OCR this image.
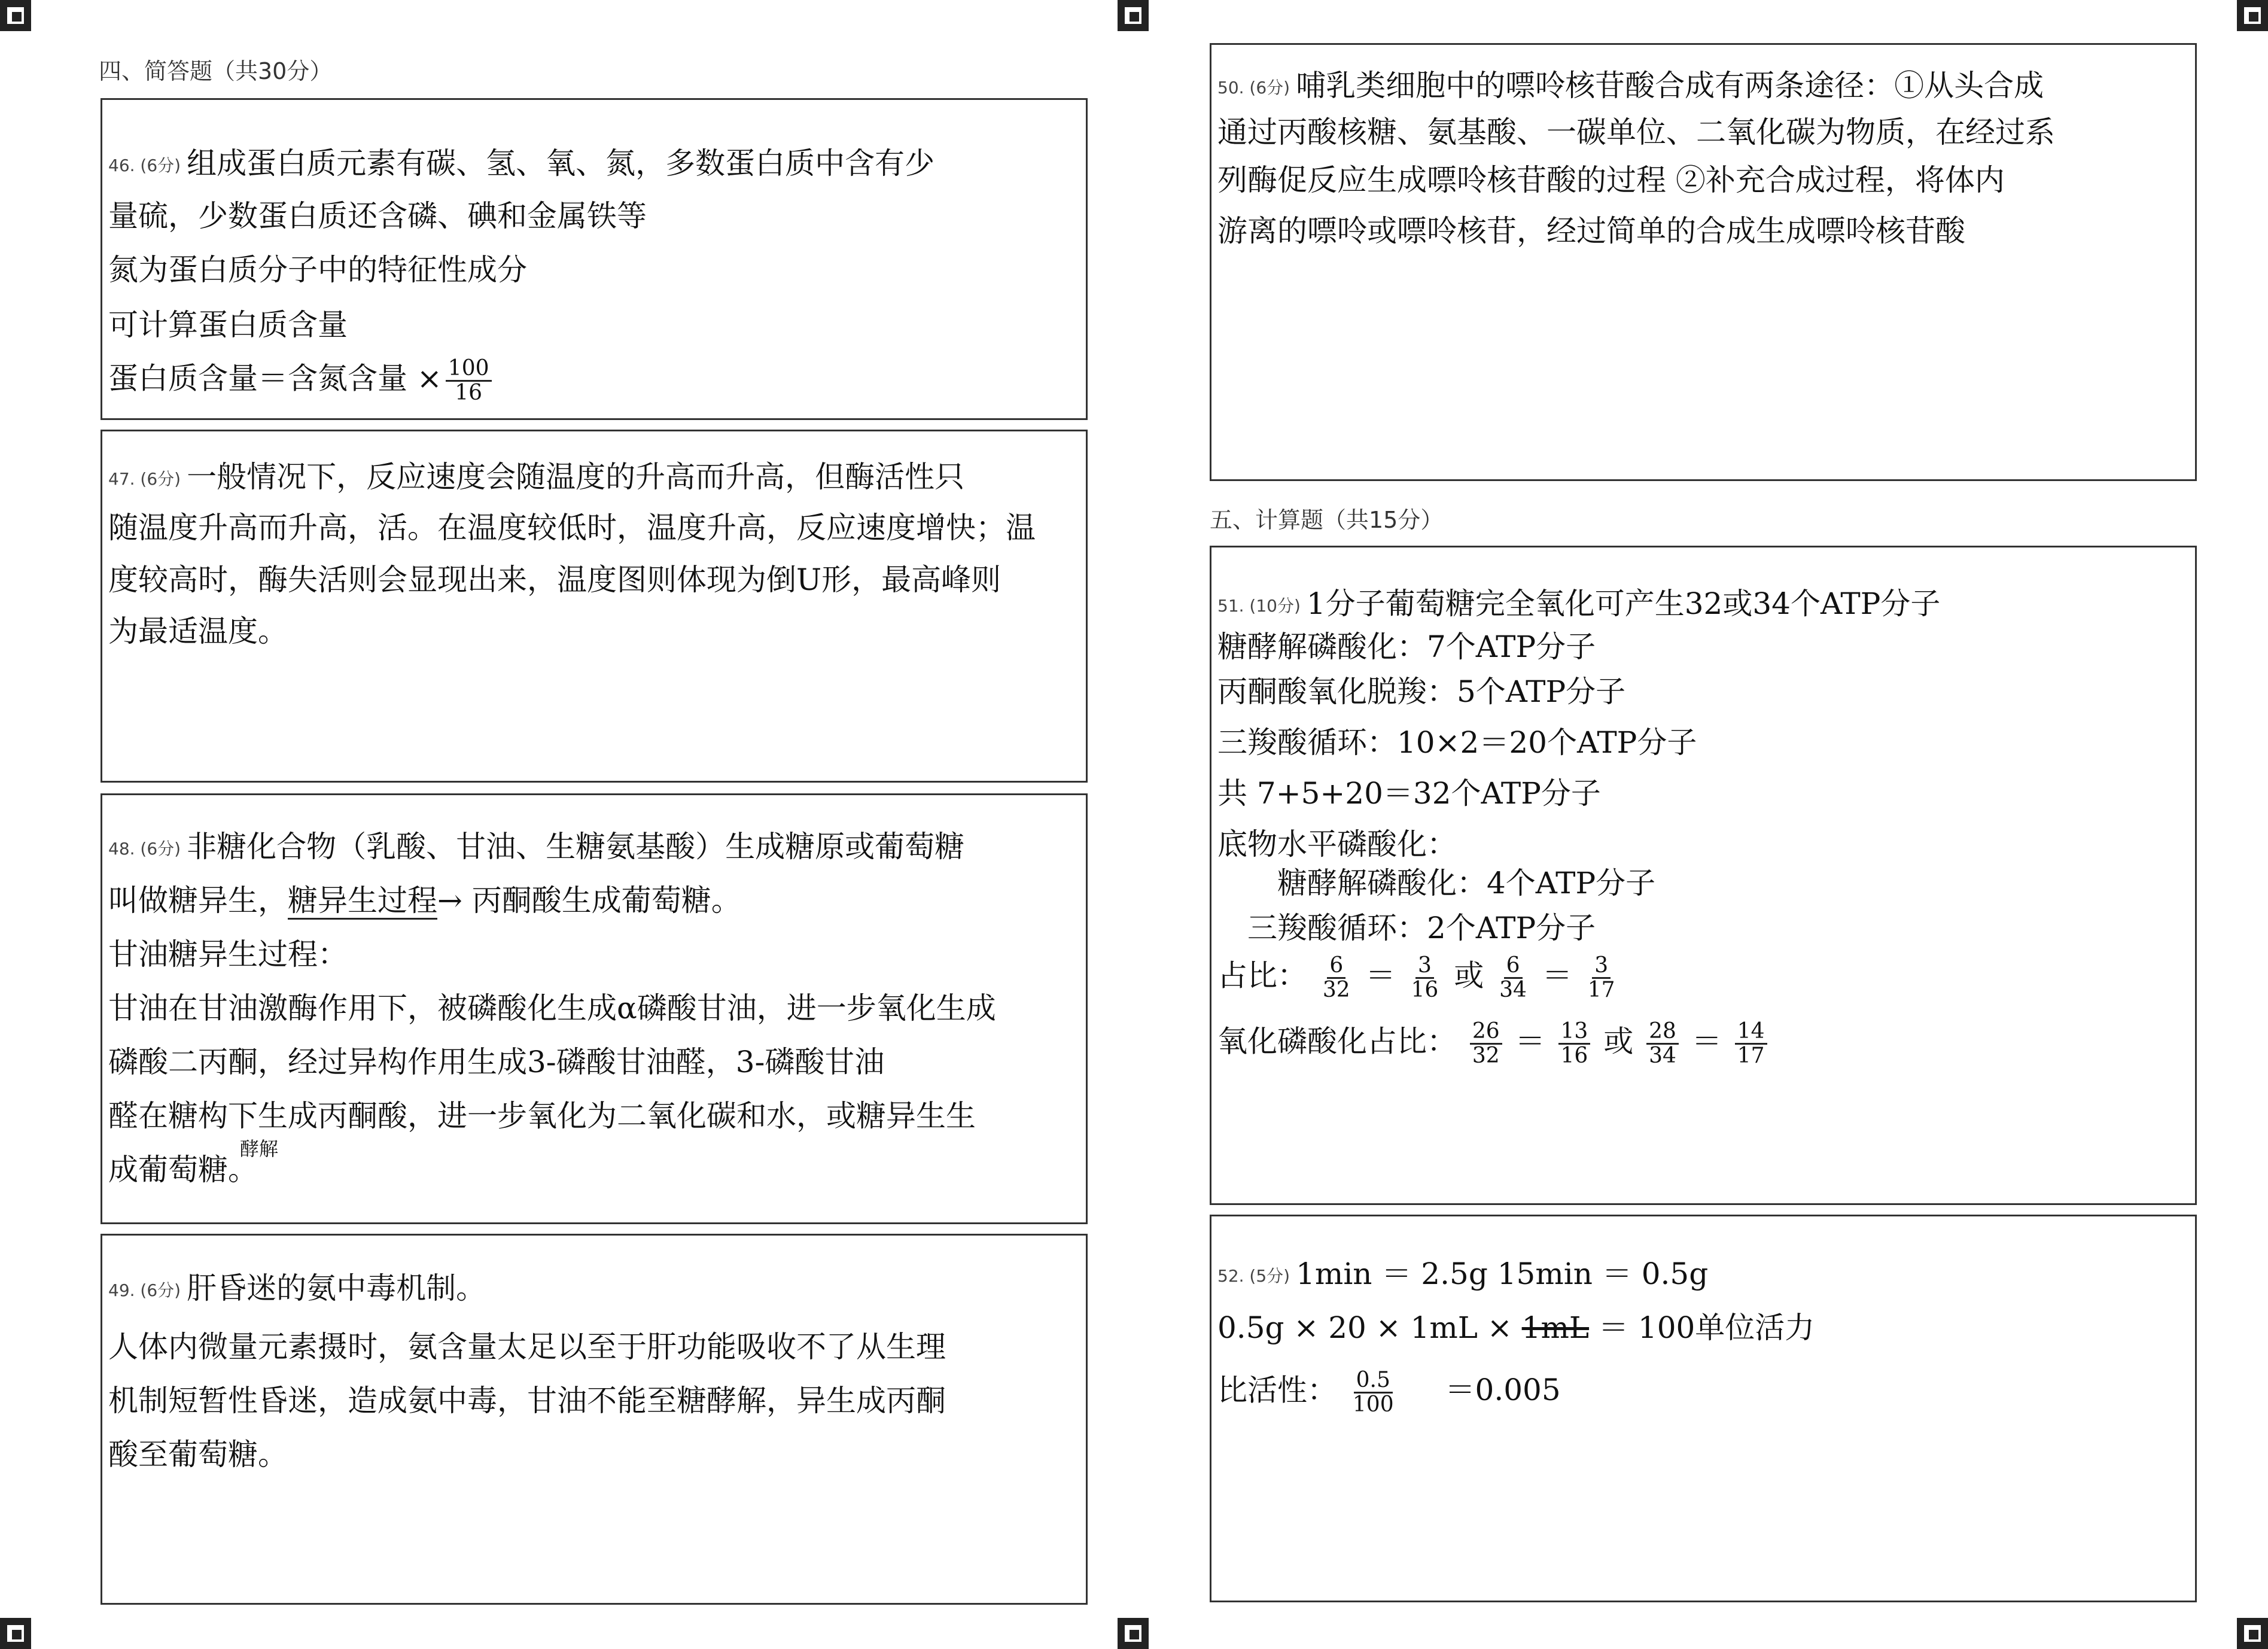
四、简答题（共30分）
五、计算题（共15分）
46. (6分) 组成蛋白质元素有碳、氢、氧、氮，多数蛋白质中含有少
量硫，少数蛋白质还含磷、碘和金属铁等
氮为蛋白质分子中的特征性成分
可计算蛋白质含量
蛋白质含量＝含氮含量 × $\frac{100}{16}$
47. (6分) 一般情况下，反应速度会随温度的升高而升高，但酶活性只
随温度升高而升高，活。在温度较低时，温度升高，反应速度增快；温
度较高时，酶失活则会显现出来，温度图则体现为倒U形，最高峰则
为最适温度。
48. (6分) 非糖化合物（乳酸、甘油、生糖氨基酸）生成糖原或葡萄糖
叫做糖异生，糖异生过程→ 丙酮酸生成葡萄糖。
甘油糖异生过程：
甘油在甘油激酶作用下，被磷酸化生成α磷酸甘油，进一步氧化生成
磷酸二丙酮，经过异构作用生成3-磷酸甘油醛，3-磷酸甘油
醛在糖构下生成丙酮酸，进一步氧化为二氧化碳和水，或糖异生生
酵解
成葡萄糖。
49. (6分) 肝昏迷的氨中毒机制。
人体内微量元素摄时，氨含量太足以至于肝功能吸收不了从生理
机制短暂性昏迷，造成氨中毒，甘油不能至糖酵解，异生成丙酮
酸至葡萄糖。
50. (6分) 哺乳类细胞中的嘌呤核苷酸合成有两条途径：①从头合成
通过丙酸核糖、氨基酸、一碳单位、二氧化碳为物质，在经过系
列酶促反应生成嘌呤核苷酸的过程 ②补充合成过程，将体内
游离的嘌呤或嘌呤核苷，经过简单的合成生成嘌呤核苷酸
51. (10分) 1分子葡萄糖完全氧化可产生32或34个ATP分子
糖酵解磷酸化：7个ATP分子
丙酮酸氧化脱羧：5个ATP分子
三羧酸循环：10×2＝20个ATP分子
共 7+5+20＝32个ATP分子
底物水平磷酸化：
糖酵解磷酸化：4个ATP分子
三羧酸循环：2个ATP分子
占比： $\frac{6}{32} = \frac{3}{16}$ 或 $\frac{6}{34} = \frac{3}{17}$
氧化磷酸化占比： $\frac{26}{32} = \frac{13}{16}$ 或 $\frac{28}{34} = \frac{14}{17}$
52. (5分) 1min ＝ 2.5g 15min ＝ 0.5g
0.5g × 20 × 1mL × 1mL ＝ 100单位活力
比活性： $\frac{0.5}{100} =0.005$
